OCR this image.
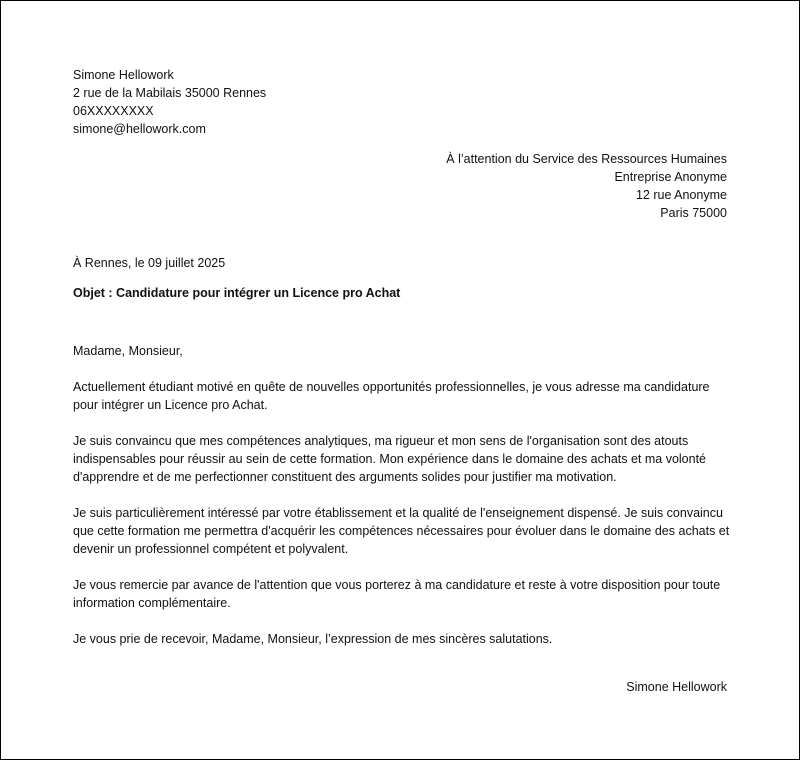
Simone Hellowork
2 rue de la Mabilais 35000 Rennes
06XXXXXXXX
simone@hellowork.com
À l’attention du Service des Ressources Humaines
Entreprise Anonyme
12 rue Anonyme
Paris 75000
À Rennes, le 09 juillet 2025
Objet : Candidature pour intégrer un Licence pro Achat

Madame, Monsieur,

Actuellement étudiant motivé en quête de nouvelles opportunités professionnelles, je vous adresse ma candidature pour intégrer un Licence pro Achat.

Je suis convaincu que mes compétences analytiques, ma rigueur et mon sens de l'organisation sont des atouts indispensables pour réussir au sein de cette formation. Mon expérience dans le domaine des achats et ma volonté d'apprendre et de me perfectionner constituent des arguments solides pour justifier ma motivation.

Je suis particulièrement intéressé par votre établissement et la qualité de l'enseignement dispensé. Je suis convaincu que cette formation me permettra d'acquérir les compétences nécessaires pour évoluer dans le domaine des achats et devenir un professionnel compétent et polyvalent.

Je vous remercie par avance de l'attention que vous porterez à ma candidature et reste à votre disposition pour toute information complémentaire.

Je vous prie de recevoir, Madame, Monsieur, l’expression de mes sincères salutations.

Simone Hellowork
